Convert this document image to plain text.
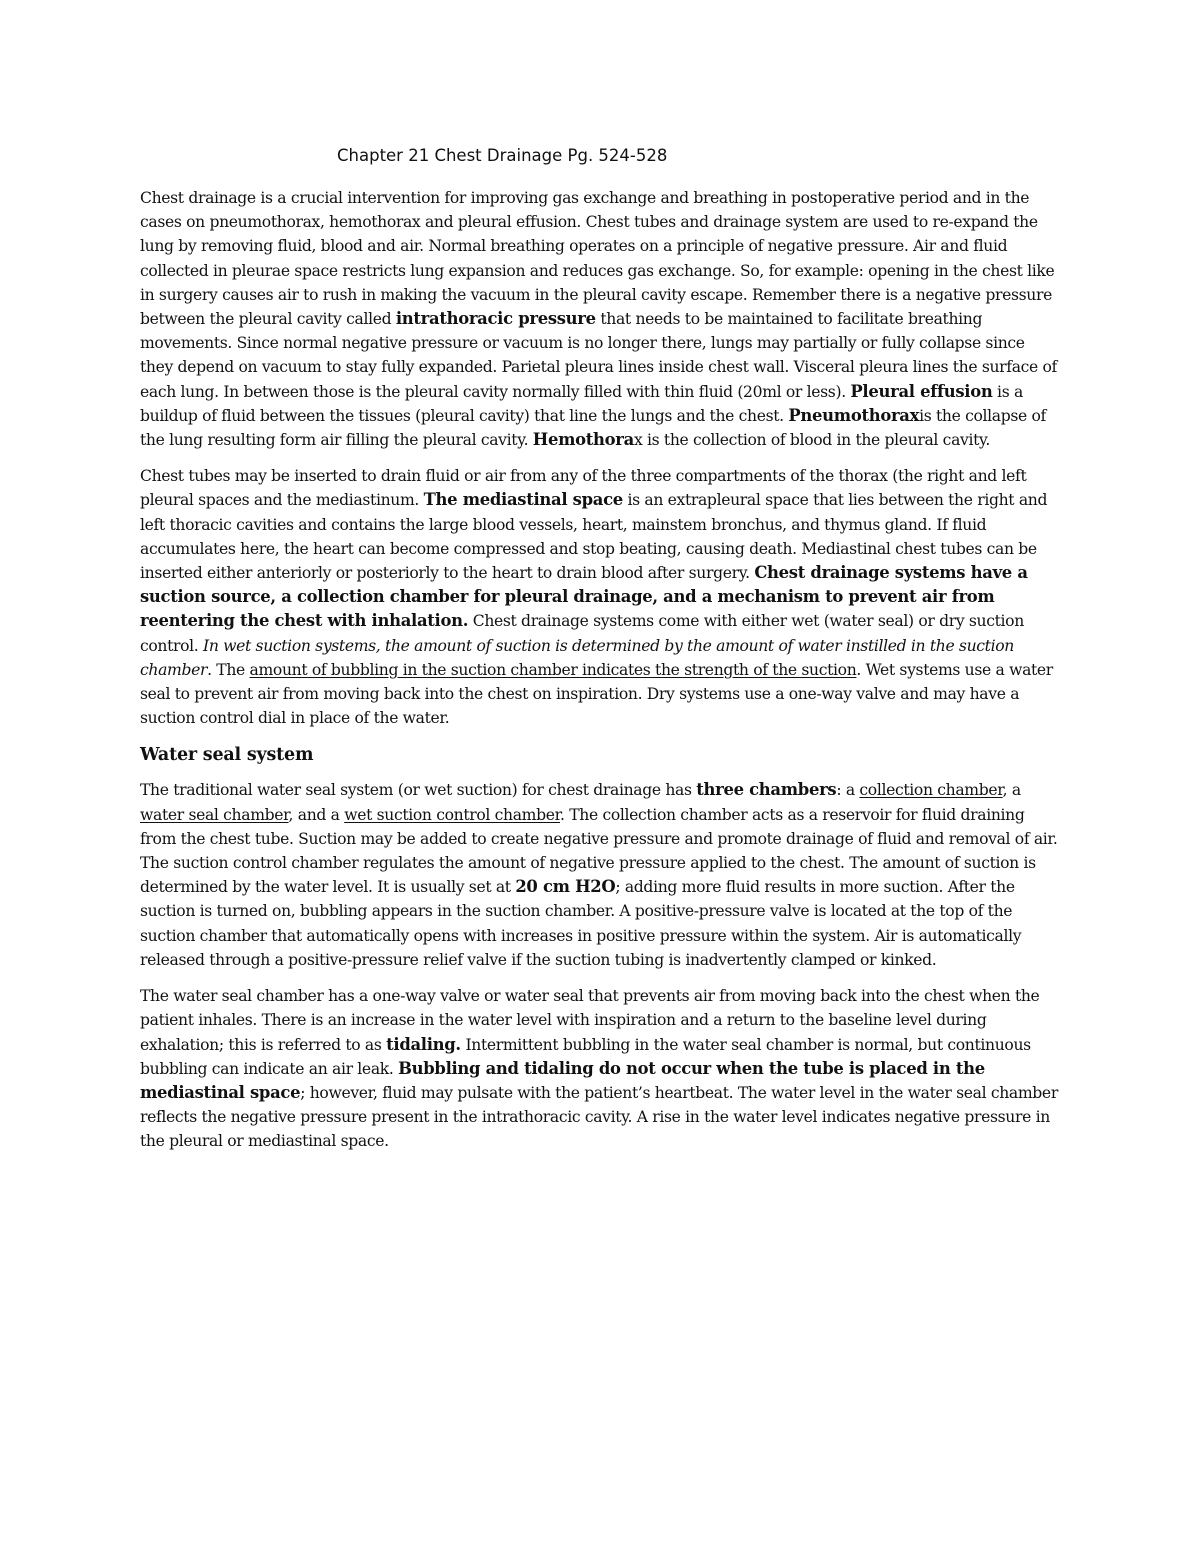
Chapter 21 Chest Drainage Pg. 524-528

Chest drainage is a crucial intervention for improving gas exchange and breathing in postoperative period and in the cases on pneumothorax, hemothorax and pleural effusion. Chest tubes and drainage system are used to re-expand the lung by removing fluid, blood and air. Normal breathing operates on a principle of negative pressure. Air and fluid collected in pleurae space restricts lung expansion and reduces gas exchange. So, for example: opening in the chest like in surgery causes air to rush in making the vacuum in the pleural cavity escape. Remember there is a negative pressure between the pleural cavity called intrathoracic pressure that needs to be maintained to facilitate breathing movements. Since normal negative pressure or vacuum is no longer there, lungs may partially or fully collapse since they depend on vacuum to stay fully expanded. Parietal pleura lines inside chest wall. Visceral pleura lines the surface of each lung. In between those is the pleural cavity normally filled with thin fluid (20ml or less). Pleural effusion is a buildup of fluid between the tissues (pleural cavity) that line the lungs and the chest. Pneumothoraxis the collapse of the lung resulting form air filling the pleural cavity. Hemothorax is the collection of blood in the pleural cavity.

Chest tubes may be inserted to drain fluid or air from any of the three compartments of the thorax (the right and left pleural spaces and the mediastinum. The mediastinal space is an extrapleural space that lies between the right and left thoracic cavities and contains the large blood vessels, heart, mainstem bronchus, and thymus gland. If fluid accumulates here, the heart can become compressed and stop beating, causing death. Mediastinal chest tubes can be inserted either anteriorly or posteriorly to the heart to drain blood after surgery. Chest drainage systems have a suction source, a collection chamber for pleural drainage, and a mechanism to prevent air from reentering the chest with inhalation. Chest drainage systems come with either wet (water seal) or dry suction control. In wet suction systems, the amount of suction is determined by the amount of water instilled in the suction chamber. The amount of bubbling in the suction chamber indicates the strength of the suction. Wet systems use a water seal to prevent air from moving back into the chest on inspiration. Dry systems use a one-way valve and may have a suction control dial in place of the water.

Water seal system

The traditional water seal system (or wet suction) for chest drainage has three chambers: a collection chamber, a water seal chamber, and a wet suction control chamber. The collection chamber acts as a reservoir for fluid draining from the chest tube. Suction may be added to create negative pressure and promote drainage of fluid and removal of air. The suction control chamber regulates the amount of negative pressure applied to the chest. The amount of suction is determined by the water level. It is usually set at 20 cm H2O; adding more fluid results in more suction. After the suction is turned on, bubbling appears in the suction chamber. A positive-pressure valve is located at the top of the suction chamber that automatically opens with increases in positive pressure within the system. Air is automatically released through a positive-pressure relief valve if the suction tubing is inadvertently clamped or kinked.

The water seal chamber has a one-way valve or water seal that prevents air from moving back into the chest when the patient inhales. There is an increase in the water level with inspiration and a return to the baseline level during exhalation; this is referred to as tidaling. Intermittent bubbling in the water seal chamber is normal, but continuous bubbling can indicate an air leak. Bubbling and tidaling do not occur when the tube is placed in the mediastinal space; however, fluid may pulsate with the patient’s heartbeat. The water level in the water seal chamber reflects the negative pressure present in the intrathoracic cavity. A rise in the water level indicates negative pressure in the pleural or mediastinal space.
